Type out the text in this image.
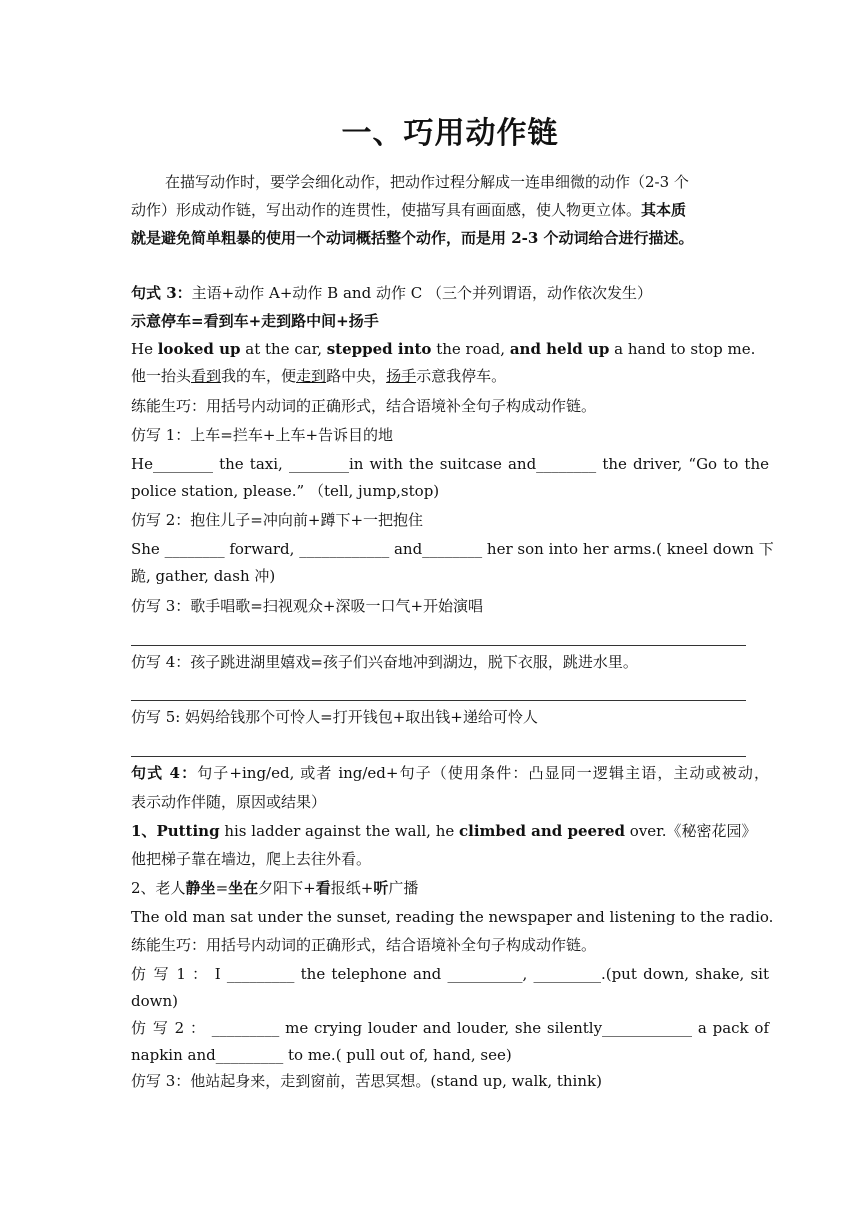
一、巧用动作链
在描写动作时，要学会细化动作，把动作过程分解成一连串细微的动作（2-3 个
动作）形成动作链，写出动作的连贯性，使描写具有画面感，使人物更立体。其本质
就是避免简单粗暴的使用一个动词概括整个动作，而是用 2-3 个动词给合进行描述。
句式 3：主语+动作 A+动作 B and 动作 C （三个并列谓语，动作依次发生）
示意停车=看到车+走到路中间+扬手
He looked up at the car, stepped into the road, and held up a hand to stop me.
他一抬头看到我的车，便走到路中央，扬手示意我停车。
练能生巧：用括号内动词的正确形式，结合语境补全句子构成动作链。
仿写 1：上车=拦车+上车+告诉目的地
He________ the taxi, ________in with the suitcase and________ the driver, “Go to the
police station, please.” （tell, jump,stop)
仿写 2：抱住儿子=冲向前+蹲下+一把抱住
She ________ forward, ____________ and________ her son into her arms.( kneel down 下
跪, gather, dash 冲)
仿写 3：歌手唱歌=扫视观众+深吸一口气+开始演唱
仿写 4：孩子跳进湖里嬉戏=孩子们兴奋地冲到湖边，脱下衣服，跳进水里。
仿写 5: 妈妈给钱那个可怜人=打开钱包+取出钱+递给可怜人
句式 4：句子+ing/ed, 或者 ing/ed+句子（使用条件：凸显同一逻辑主语，主动或被动，
表示动作伴随，原因或结果）
1、Putting his ladder against the wall, he climbed and peered over.《秘密花园》
他把梯子靠在墙边，爬上去往外看。
2、老人静坐=坐在夕阳下+看报纸+听广播
The old man sat under the sunset, reading the newspaper and listening to the radio.
练能生巧：用括号内动词的正确形式，结合语境补全句子构成动作链。
仿 写 1 ： I _________ the telephone and __________, _________.(put down, shake, sit
down)
仿 写 2 ： _________ me crying louder and louder, she silently____________ a pack of
napkin and_________ to me.( pull out of, hand, see)
仿写 3：他站起身来，走到窗前，苦思冥想。(stand up, walk, think)
